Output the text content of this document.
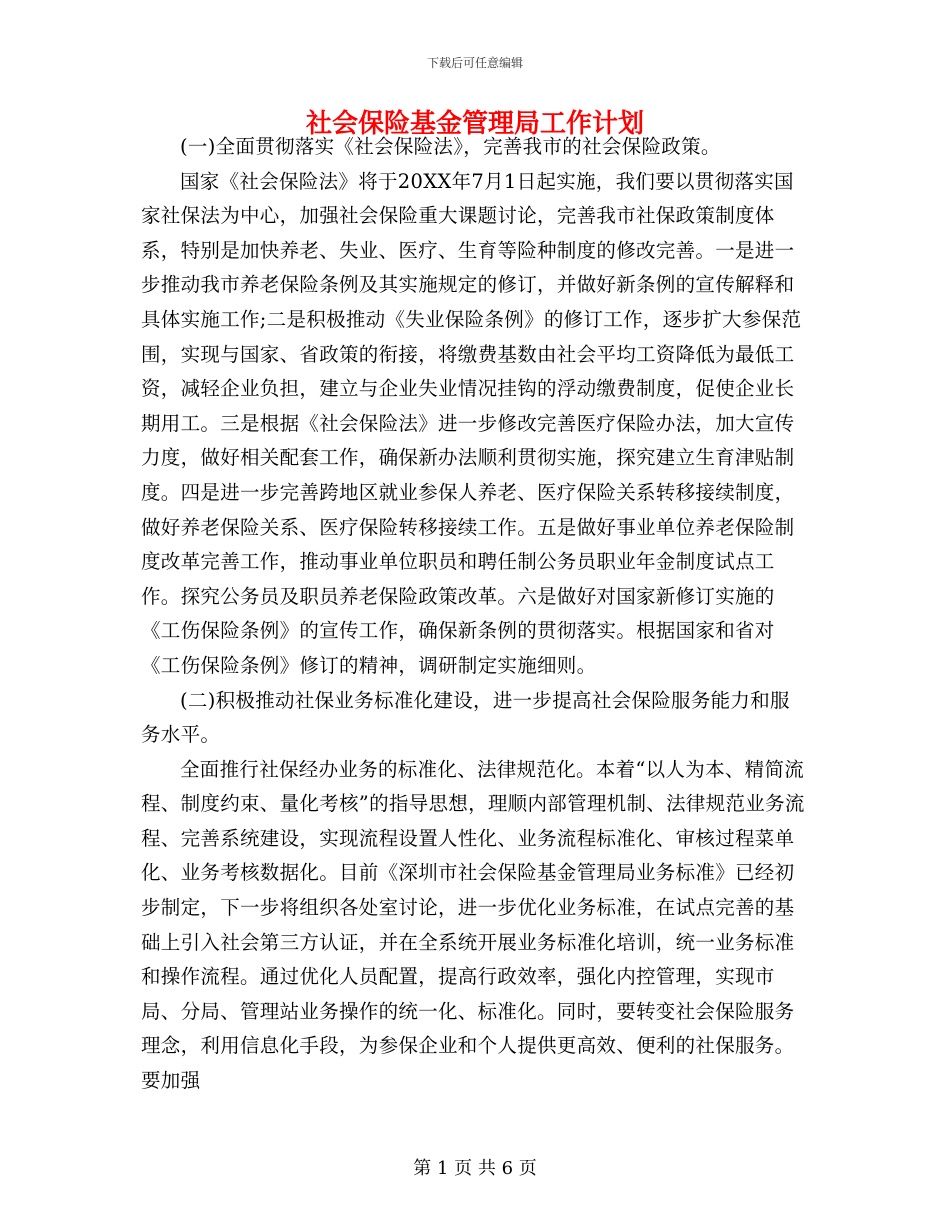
下载后可任意编辑
社会保险基金管理局工作计划

(一)全面贯彻落实《社会保险法》，完善我市的社会保险政策。

国家《社会保险法》将于20XX年7月1日起实施，我们要以贯彻落实国家社保法为中心，加强社会保险重大课题讨论，完善我市社保政策制度体系，特别是加快养老、失业、医疗、生育等险种制度的修改完善。一是进一步推动我市养老保险条例及其实施规定的修订，并做好新条例的宣传解释和具体实施工作;二是积极推动《失业保险条例》的修订工作，逐步扩大参保范围，实现与国家、省政策的衔接，将缴费基数由社会平均工资降低为最低工资，减轻企业负担，建立与企业失业情况挂钩的浮动缴费制度，促使企业长期用工。三是根据《社会保险法》进一步修改完善医疗保险办法，加大宣传力度，做好相关配套工作，确保新办法顺利贯彻实施，探究建立生育津贴制度。四是进一步完善跨地区就业参保人养老、医疗保险关系转移接续制度，做好养老保险关系、医疗保险转移接续工作。五是做好事业单位养老保险制度改革完善工作，推动事业单位职员和聘任制公务员职业年金制度试点工作。探究公务员及职员养老保险政策改革。六是做好对国家新修订实施的《工伤保险条例》的宣传工作，确保新条例的贯彻落实。根据国家和省对《工伤保险条例》修订的精神，调研制定实施细则。

(二)积极推动社保业务标准化建设，进一步提高社会保险服务能力和服务水平。

全面推行社保经办业务的标准化、法律规范化。本着“以人为本、精简流程、制度约束、量化考核”的指导思想，理顺内部管理机制、法律规范业务流程、完善系统建设，实现流程设置人性化、业务流程标准化、审核过程菜单化、业务考核数据化。目前《深圳市社会保险基金管理局业务标准》已经初步制定，下一步将组织各处室讨论，进一步优化业务标准，在试点完善的基础上引入社会第三方认证，并在全系统开展业务标准化培训，统一业务标准和操作流程。通过优化人员配置，提高行政效率，强化内控管理，实现市局、分局、管理站业务操作的统一化、标准化。同时，要转变社会保险服务理念，利用信息化手段，为参保企业和个人提供更高效、便利的社保服务。要加强

第 1 页 共 6 页
